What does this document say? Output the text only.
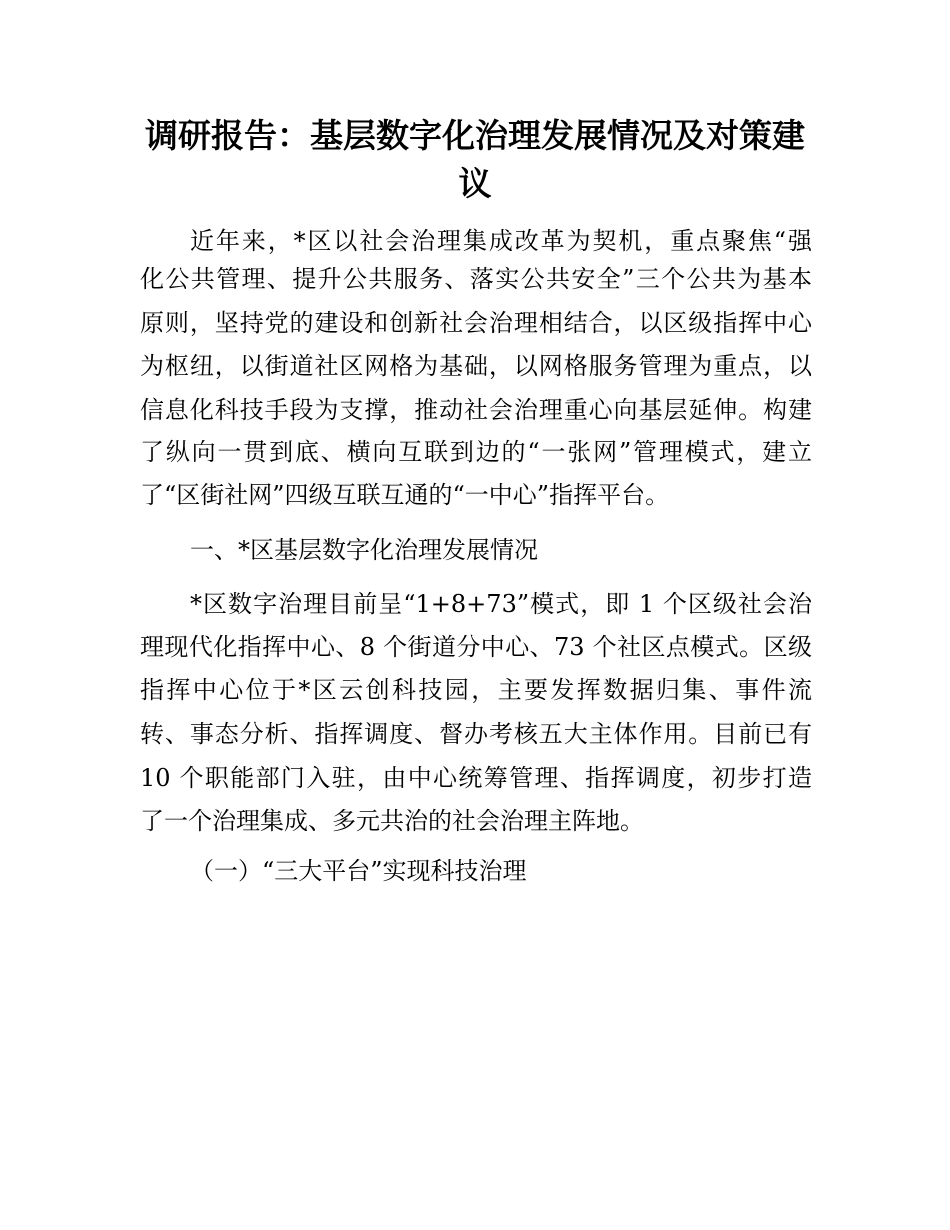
调研报告：基层数字化治理发展情况及对策建议

近年来，*区以社会治理集成改革为契机，重点聚焦“强

化公共管理、提升公共服务、落实公共安全”三个公共为基本

原则，坚持党的建设和创新社会治理相结合，以区级指挥中心

为枢纽，以街道社区网格为基础，以网格服务管理为重点，以

信息化科技手段为支撑，推动社会治理重心向基层延伸。构建

了纵向一贯到底、横向互联到边的“一张网”管理模式，建立

了“区街社网”四级互联互通的“一中心”指挥平台。

一、*区基层数字化治理发展情况

*区数字治理目前呈“1+8+73”模式，即 1 个区级社会治

理现代化指挥中心、8 个街道分中心、73 个社区点模式。区级

指挥中心位于*区云创科技园，主要发挥数据归集、事件流

转、事态分析、指挥调度、督办考核五大主体作用。目前已有

10 个职能部门入驻，由中心统筹管理、指挥调度，初步打造

了一个治理集成、多元共治的社会治理主阵地。

（一）“三大平台”实现科技治理
